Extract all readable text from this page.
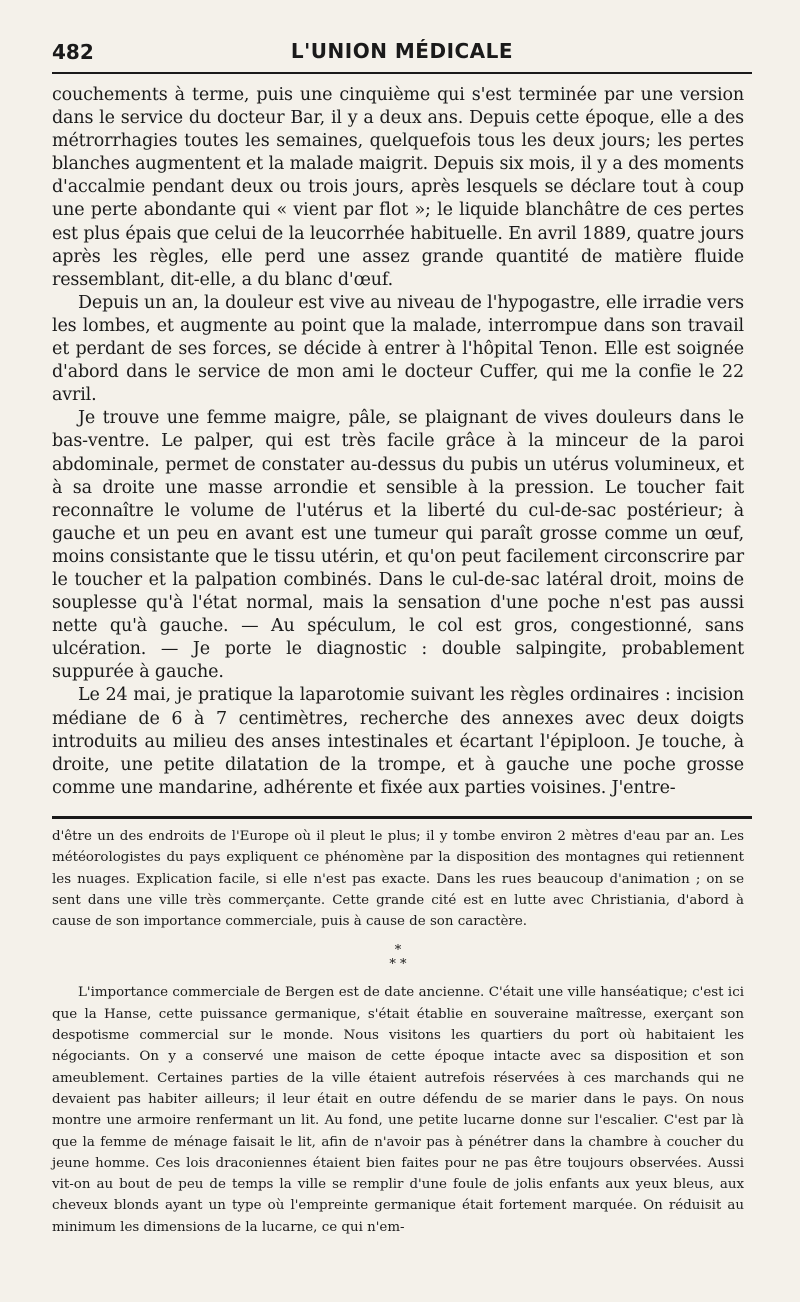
482	L'UNION MÉDICALE

couchements à terme, puis une cinquième qui s'est terminée par une version dans le service du docteur Bar, il y a deux ans. Depuis cette époque, elle a des métrorrhagies toutes les semaines, quelquefois tous les deux jours; les pertes blanches augmentent et la malade maigrit. Depuis six mois, il y a des moments d'accalmie pendant deux ou trois jours, après lesquels se déclare tout à coup une perte abondante qui « vient par flot »; le liquide blanchâtre de ces pertes est plus épais que celui de la leucorrhée habituelle. En avril 1889, quatre jours après les règles, elle perd une assez grande quantité de matière fluide ressemblant, dit-elle, a du blanc d'œuf.

Depuis un an, la douleur est vive au niveau de l'hypogastre, elle irradie vers les lombes, et augmente au point que la malade, interrompue dans son travail et perdant de ses forces, se décide à entrer à l'hôpital Tenon. Elle est soignée d'abord dans le service de mon ami le docteur Cuffer, qui me la confie le 22 avril.

Je trouve une femme maigre, pâle, se plaignant de vives douleurs dans le bas-ventre. Le palper, qui est très facile grâce à la minceur de la paroi abdominale, permet de constater au-dessus du pubis un utérus volumineux, et à sa droite une masse arrondie et sensible à la pression. Le toucher fait reconnaître le volume de l'utérus et la liberté du cul-de-sac postérieur; à gauche et un peu en avant est une tumeur qui paraît grosse comme un œuf, moins consistante que le tissu utérin, et qu'on peut facilement circonscrire par le toucher et la palpation combinés. Dans le cul-de-sac latéral droit, moins de souplesse qu'à l'état normal, mais la sensation d'une poche n'est pas aussi nette qu'à gauche. — Au spéculum, le col est gros, congestionné, sans ulcération. — Je porte le diagnostic : double salpingite, probablement suppurée à gauche.

Le 24 mai, je pratique la laparotomie suivant les règles ordinaires : incision médiane de 6 à 7 centimètres, recherche des annexes avec deux doigts introduits au milieu des anses intestinales et écartant l'épiploon. Je touche, à droite, une petite dilatation de la trompe, et à gauche une poche grosse comme une mandarine, adhérente et fixée aux parties voisines. J'entre-

d'être un des endroits de l'Europe où il pleut le plus; il y tombe environ 2 mètres d'eau par an. Les météorologistes du pays expliquent ce phénomène par la disposition des montagnes qui retiennent les nuages. Explication facile, si elle n'est pas exacte. Dans les rues beaucoup d'animation ; on se sent dans une ville très commerçante. Cette grande cité est en lutte avec Christiania, d'abord à cause de son importance commerciale, puis à cause de son caractère.

*
* *

L'importance commerciale de Bergen est de date ancienne. C'était une ville hanséatique; c'est ici que la Hanse, cette puissance germanique, s'était établie en souveraine maîtresse, exerçant son despotisme commercial sur le monde. Nous visitons les quartiers du port où habitaient les négociants. On y a conservé une maison de cette époque intacte avec sa disposition et son ameublement. Certaines parties de la ville étaient autrefois réservées à ces marchands qui ne devaient pas habiter ailleurs; il leur était en outre défendu de se marier dans le pays. On nous montre une armoire renfermant un lit. Au fond, une petite lucarne donne sur l'escalier. C'est par là que la femme de ménage faisait le lit, afin de n'avoir pas à pénétrer dans la chambre à coucher du jeune homme. Ces lois draconiennes étaient bien faites pour ne pas être toujours observées. Aussi vit-on au bout de peu de temps la ville se remplir d'une foule de jolis enfants aux yeux bleus, aux cheveux blonds ayant un type où l'empreinte germanique était fortement marquée. On réduisit au minimum les dimensions de la lucarne, ce qui n'em-
